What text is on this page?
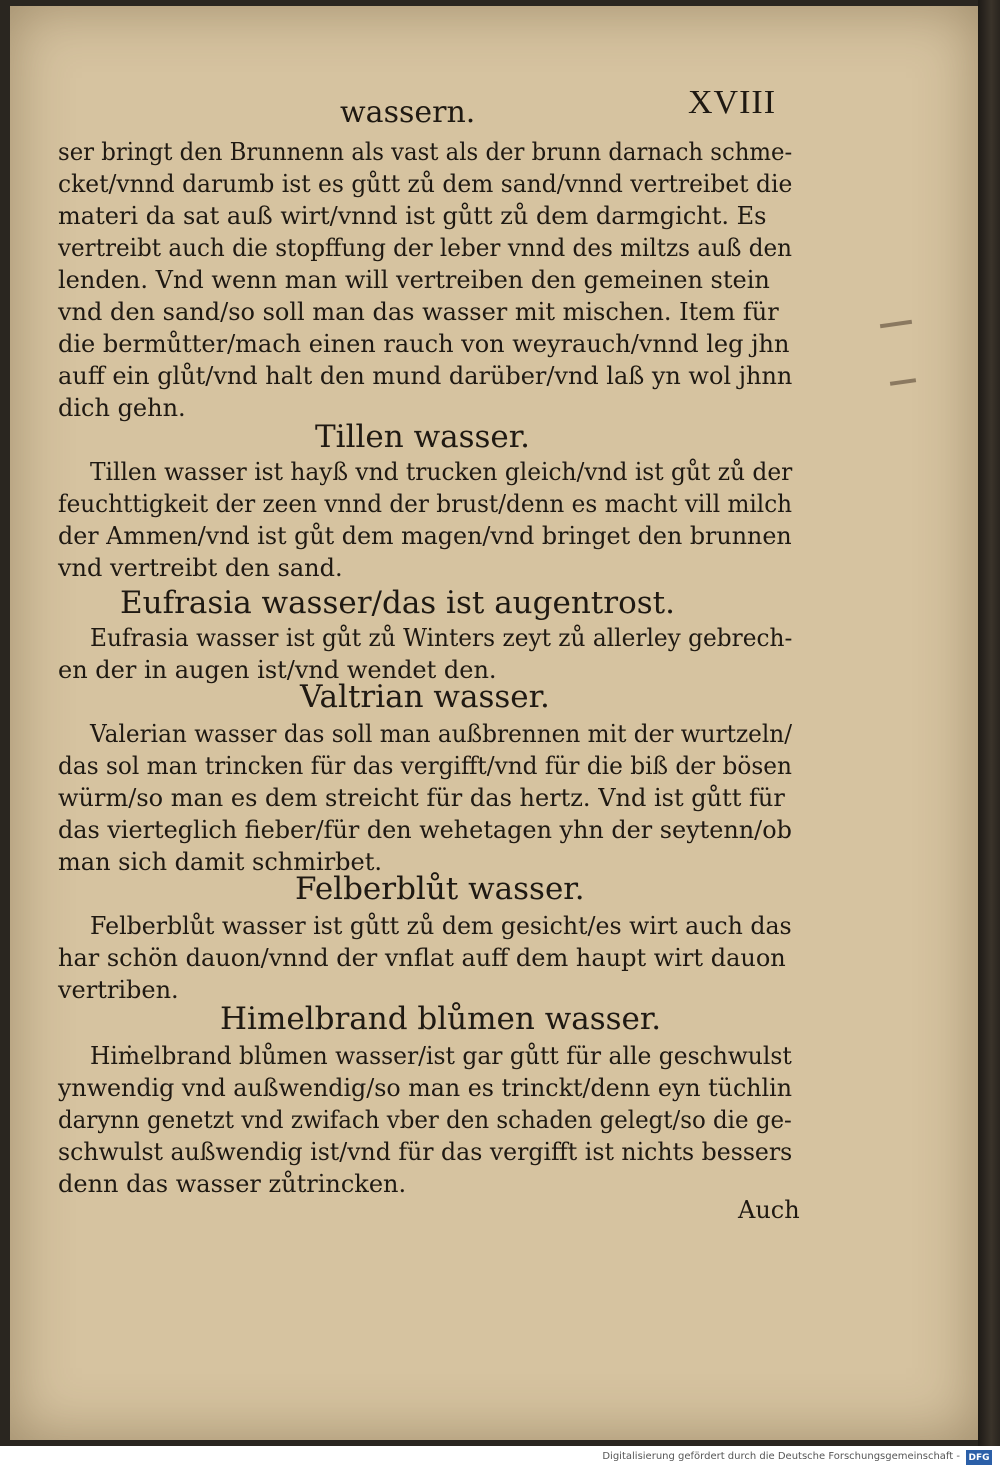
wassern.	XVIII
ser bringt den Brunnenn als vast als der brunn darnach schme-
cket/vnnd darumb ist es gůtt zů dem sand/vnnd vertreibet die
materi da sat auß wirt/vnnd ist gůtt zů dem darmgicht. Es
vertreibt auch die stopffung der leber vnnd des miltzs auß den
lenden. Vnd wenn man will vertreiben den gemeinen stein
vnd den sand/so soll man das wasser mit mischen. Item für
die bermůtter/mach einen rauch von weyrauch/vnnd leg jhn
auff ein glůt/vnd halt den mund darüber/vnd laß yn wol jhnn
dich gehn.
Tillen wasser.
Tillen wasser ist hayß vnd trucken gleich/vnd ist gůt zů der
feuchttigkeit der zeen vnnd der brust/denn es macht vill milch
der Ammen/vnd ist gůt dem magen/vnd bringet den brunnen
vnd vertreibt den sand.
Eufrasia wasser/das ist augentrost.
Eufrasia wasser ist gůt zů Winters zeyt zů allerley gebrech-
en der in augen ist/vnd wendet den.
Valtrian wasser.
Valerian wasser das soll man außbrennen mit der wurtzeln/
das sol man trincken für das vergifft/vnd für die biß der bösen
würm/so man es dem streicht für das hertz. Vnd ist gůtt für
das vierteglich fieber/für den wehetagen yhn der seytenn/ob
man sich damit schmirbet.
Felberblůt wasser.
Felberblůt wasser ist gůtt zů dem gesicht/es wirt auch das
har schön dauon/vnnd der vnflat auff dem haupt wirt dauon
vertriben.
Himelbrand blůmen wasser.
Hiṁelbrand blůmen wasser/ist gar gůtt für alle geschwulst
ynwendig vnd außwendig/so man es trinckt/denn eyn tüchlin
darynn genetzt vnd zwifach vber den schaden gelegt/so die ge-
schwulst außwendig ist/vnd für das vergifft ist nichts bessers
denn das wasser zůtrincken.
Auch
Digitalisierung gefördert durch die Deutsche Forschungsgemeinschaft - DFG
